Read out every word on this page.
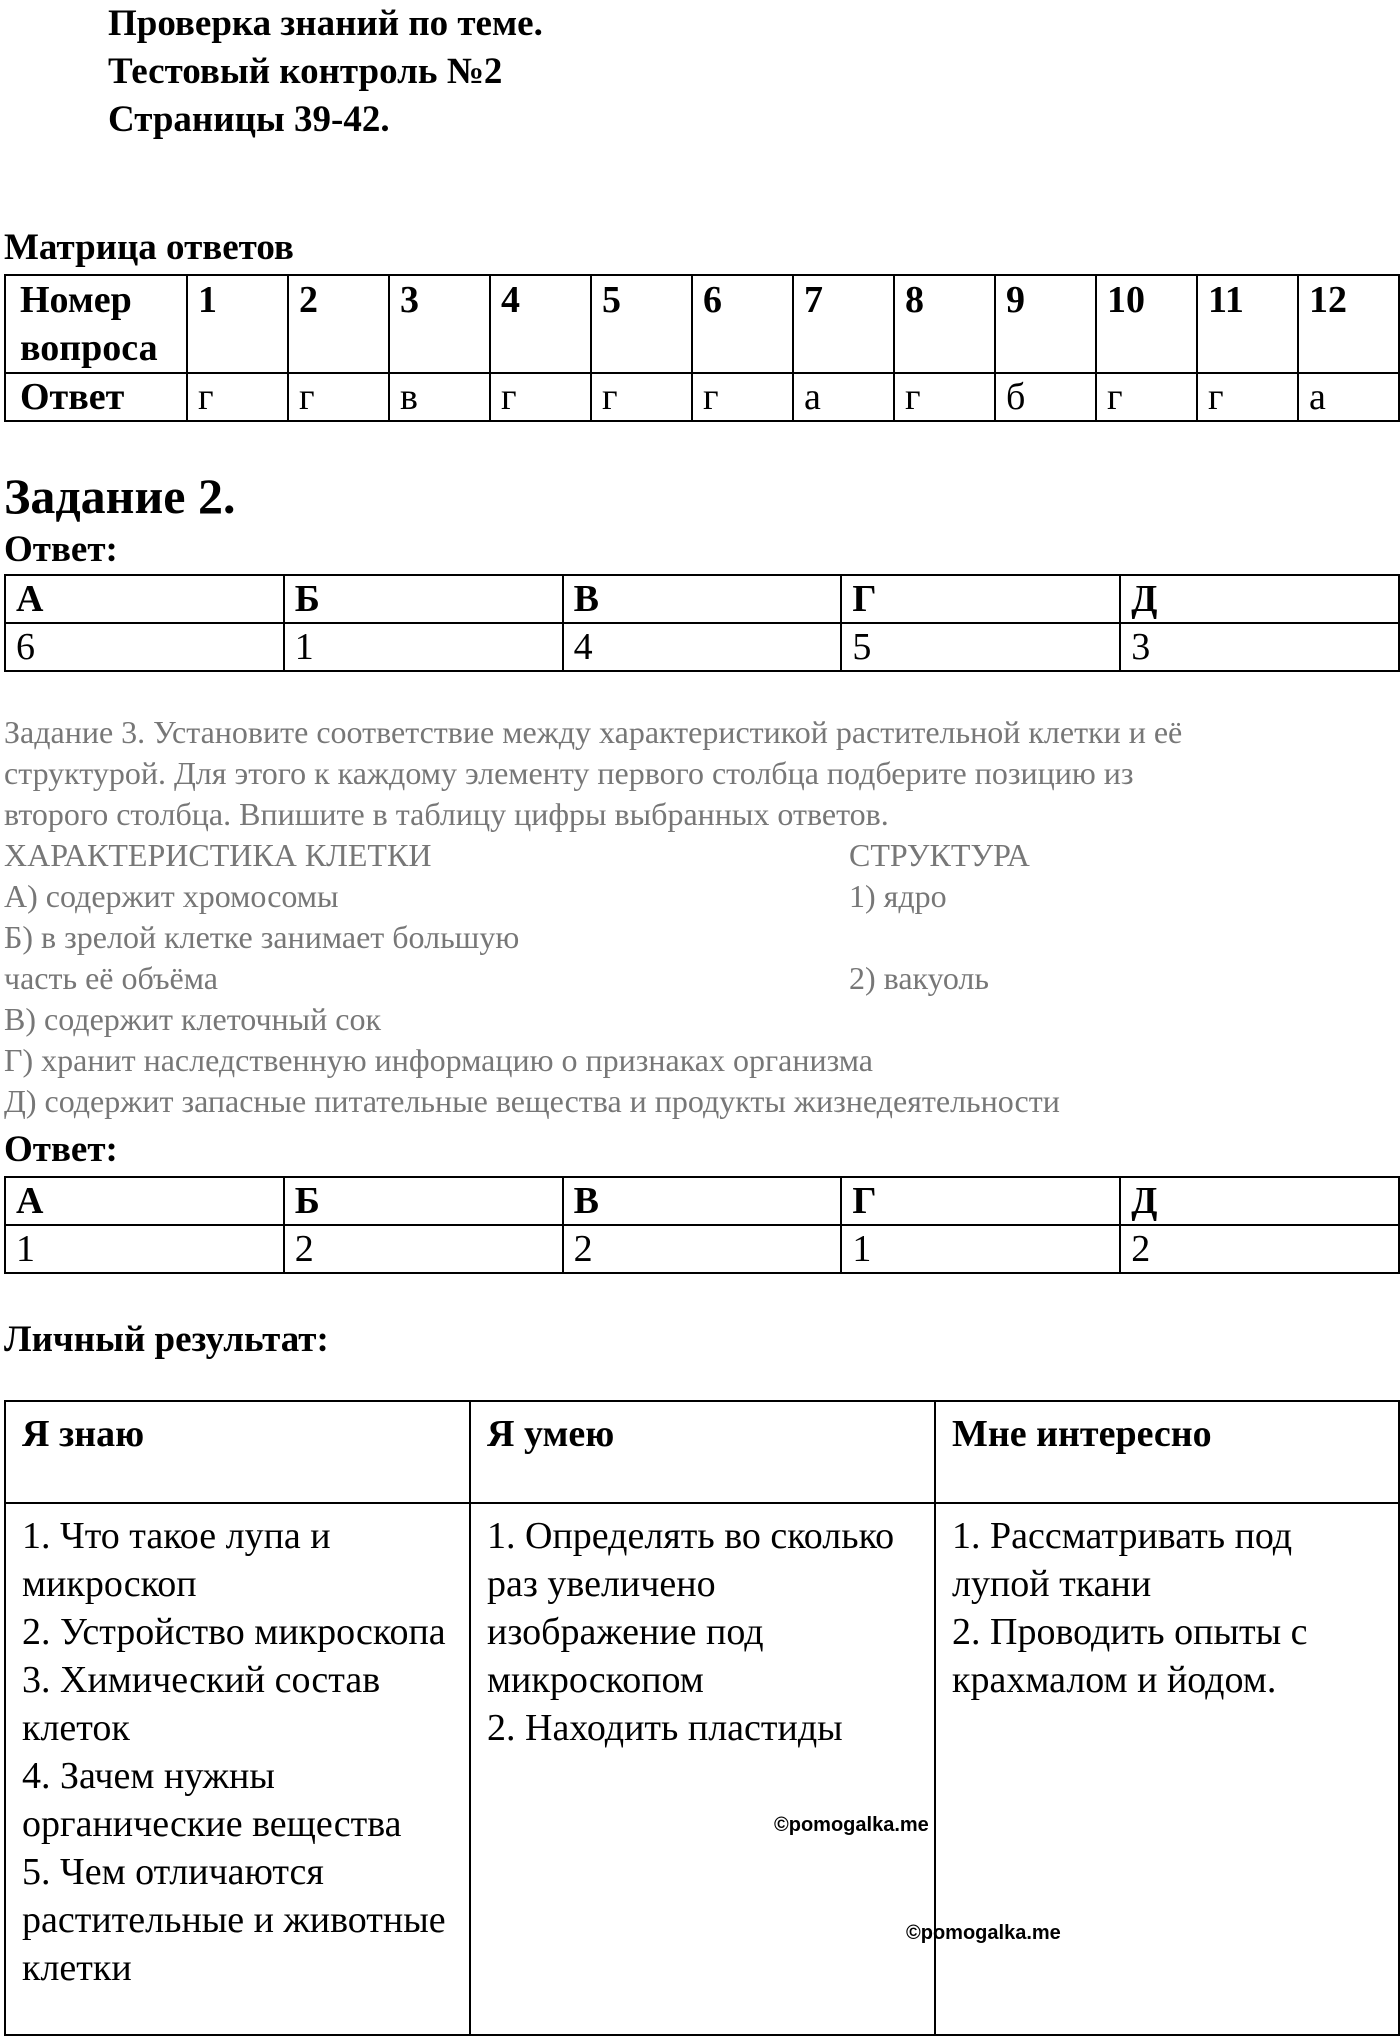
Проверка знаний по теме.
Тестовый контроль №2
Страницы 39-42.
Матрица ответов
Номер вопроса	1	2	3	4	5	6	7	8	9	10	11	12
Ответ	г	г	в	г	г	г	а	г	б	г	г	а
Задание 2.
Ответ:
А	Б	В	Г	Д
6	1	4	5	3
Задание 3. Установите соответствие между характеристикой растительной клетки и её
структурой. Для этого к каждому элементу первого столбца подберите позицию из
второго столбца. Впишите в таблицу цифры выбранных ответов.
ХАРАКТЕРИСТИКА КЛЕТКИ	СТРУКТУРА
А) содержит хромосомы	1) ядро
Б) в зрелой клетке занимает большую
часть её объёма	2) вакуоль
В) содержит клеточный сок
Г) хранит наследственную информацию о признаках организма
Д) содержит запасные питательные вещества и продукты жизнедеятельности
Ответ:
А	Б	В	Г	Д
1	2	2	1	2
Личный результат:
Я знаю	Я умею	Мне интересно

1. Что такое лупа и микроскоп
2. Устройство микроскопа
3. Химический состав клеток
4. Зачем нужны органические вещества
5. Чем отличаются растительные и животные клетки	1. Определять во сколько раз увеличено изображение под микроскопом
2. Находить пластиды	1. Рассматривать под лупой ткани
2. Проводить опыты с крахмалом и йодом.
©pomogalka.me
©pomogalka.me
